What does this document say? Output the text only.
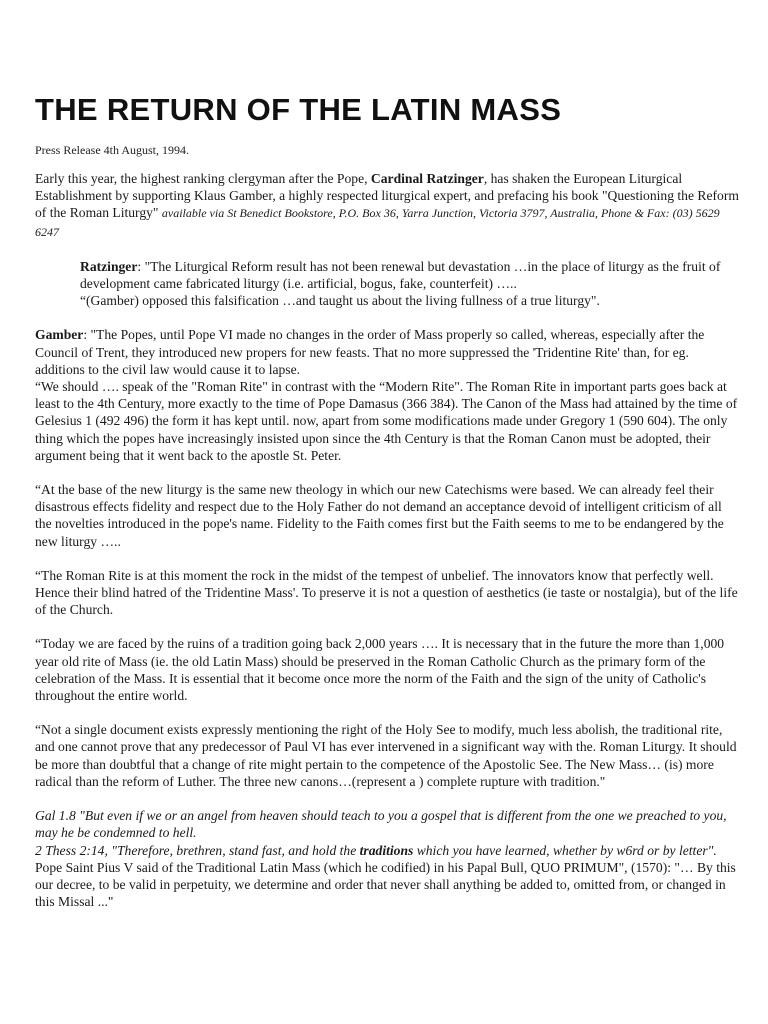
THE RETURN OF THE LATIN MASS
Press Release 4th August, 1994.

Early this year, the highest ranking clergyman after the Pope, Cardinal Ratzinger, has shaken the European Liturgical Establishment by supporting Klaus Gamber, a highly respected liturgical expert, and prefacing his book "Questioning the Reform of the Roman Liturgy" available via St Benedict Bookstore, P.O. Box 36, Yarra Junction, Victoria 3797, Australia, Phone & Fax: (03) 5629 6247

Ratzinger: "The Liturgical Reform result has not been renewal but devastation …in the place of liturgy as the fruit of development came fabricated liturgy (i.e. artificial, bogus, fake, counterfeit) …..

“(Gamber) opposed this falsification …and taught us about the living fullness of a true liturgy".

Gamber: "The Popes, until Pope VI made no changes in the order of Mass properly so called, whereas, especially after the Council of Trent, they introduced new propers for new feasts. That no more suppressed the 'Tridentine Rite' than, for eg. additions to the civil law would cause it to lapse.

“We should …. speak of the "Roman Rite" in contrast with the “Modern Rite". The Roman Rite in important parts goes back at least to the 4th Century, more exactly to the time of Pope Damasus (366 384). The Canon of the Mass had attained by the time of Gelesius 1 (492 496) the form it has kept until. now, apart from some modifications made under Gregory 1 (590 604). The only thing which the popes have increasingly insisted upon since the 4th Century is that the Roman Canon must be adopted, their argument being that it went back to the apostle St. Peter.

“At the base of the new liturgy is the same new theology in which our new Catechisms were based. We can already feel their disastrous effects fidelity and respect due to the Holy Father do not demand an acceptance devoid of intelligent criticism of all the novelties introduced in the pope's name. Fidelity to the Faith comes first but the Faith seems to me to be endangered by the new liturgy …..

“The Roman Rite is at this moment the rock in the midst of the tempest of unbelief. The innovators know that perfectly well. Hence their blind hatred of the Tridentine Mass'. To preserve it is not a question of aesthetics (ie taste or nostalgia), but of the life of the Church.

“Today we are faced by the ruins of a tradition going back 2,000 years …. It is necessary that in the future the more than 1,000 year old rite of Mass (ie. the old Latin Mass) should be preserved in the Roman Catholic Church as the primary form of the celebration of the Mass. It is essential that it become once more the norm of the Faith and the sign of the unity of Catholic's throughout the entire world.

“Not a single document exists expressly mentioning the right of the Holy See to modify, much less abolish, the traditional rite, and one cannot prove that any predecessor of Paul VI has ever intervened in a significant way with the. Roman Liturgy. It should be more than doubtful that a change of rite might pertain to the competence of the Apostolic See. The New Mass… (is) more radical than the reform of Luther. The three new canons…(represent a ) complete rupture with tradition."

Gal 1.8 "But even if we or an angel from heaven should teach to you a gospel that is different from the one we preached to you, may he be condemned to hell.

2 Thess 2:14, "Therefore, brethren, stand fast, and hold the traditions which you have learned, whether by w6rd or by letter".

Pope Saint Pius V said of the Traditional Latin Mass (which he codified) in his Papal Bull, QUO PRIMUM", (1570): "… By this our decree, to be valid in perpetuity, we determine and order that never shall anything be added to, omitted from, or changed in this Missal ..."
